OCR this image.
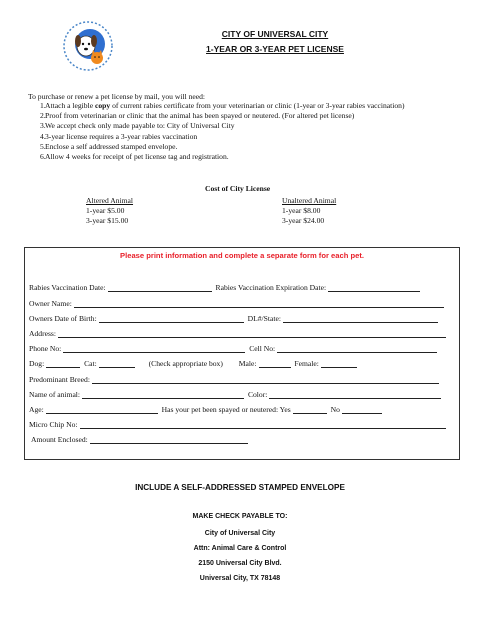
CITY OF UNIVERSAL CITY
1-YEAR OR 3-YEAR PET LICENSE
To purchase or renew a pet license by mail, you will need:
1. Attach a legible copy of current rabies certificate from your veterinarian or clinic (1-year or 3-year rabies vaccination)
2. Proof from veterinarian or clinic that the animal has been spayed or neutered. (For altered pet license)
3. We accept check only made payable to: City of Universal City
4. 3-year license requires a 3-year rabies vaccination
5. Enclose a self addressed stamped envelope.
6. Allow 4 weeks for receipt of pet license tag and registration.
Cost of City License
Altered Animal
1-year $5.00
3-year $15.00
Unaltered Animal
1-year $8.00
3-year $24.00
Please print information and complete a separate form for each pet.
Rabies Vaccination Date:	Rabies Vaccination Expiration Date:
Owner Name:
Owners Date of Birth:	DL#/State:
Address:
Phone No:	Cell No:
Dog:	Cat:	(Check appropriate box) Male:	Female:
Predominant Breed:
Name of animal:	Color:
Age:	Has your pet been spayed or neutered: Yes	No
Micro Chip No:
Amount Enclosed:
INCLUDE A SELF-ADDRESSED STAMPED ENVELOPE
MAKE CHECK PAYABLE TO:
City of Universal City
Attn: Animal Care & Control
2150 Universal City Blvd.
Universal City, TX 78148
